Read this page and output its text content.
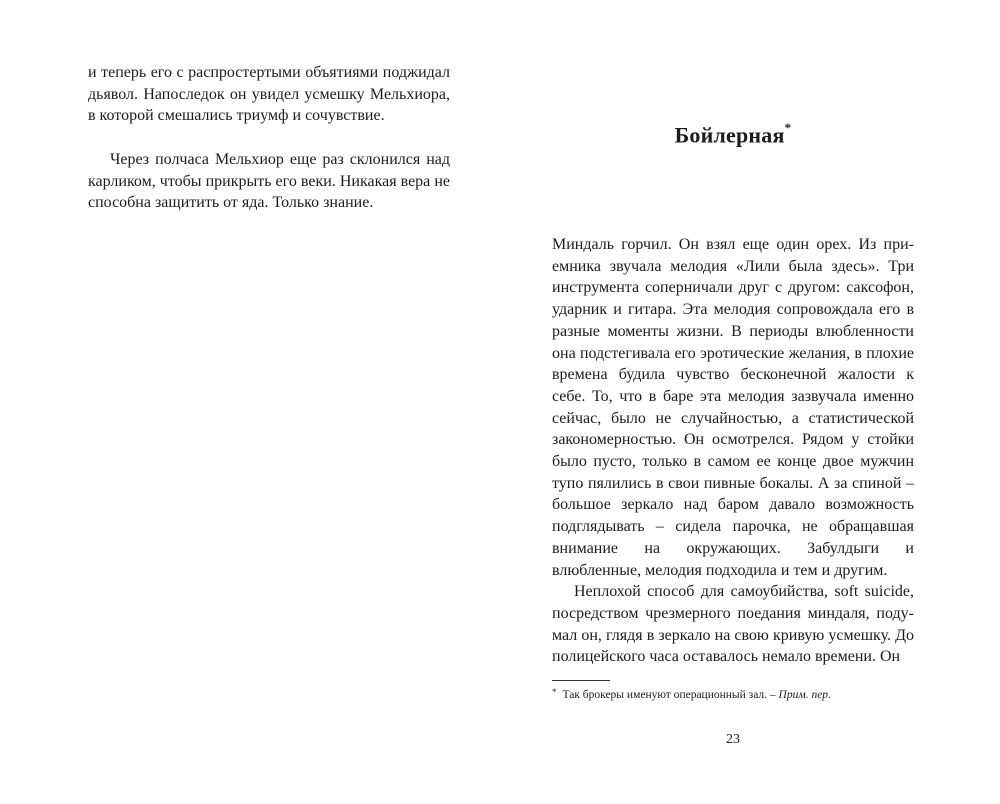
и теперь его с распростертыми объятиями поджидал дьявол. Напоследок он увидел усмешку Мельхиора, в которой смешались триумф и сочувствие.

Через полчаса Мельхиор еще раз склонился над карликом, чтобы прикрыть его веки. Никакая вера не способна защитить от яда. Только знание.

Бойлерная*

Миндаль горчил. Он взял еще один орех. Из приемника звучала мелодия «Лили была здесь». Три инструмента соперничали друг с другом: саксофон, ударник и гитара. Эта мелодия сопровождала его в разные моменты жизни. В периоды влюбленности она подстегивала его эротические желания, в плохие времена будила чувство бесконечной жалости к себе. То, что в баре эта мелодия зазвучала именно сейчас, было не случайностью, а статистической закономерностью. Он осмотрелся. Рядом у стойки было пусто, только в самом ее конце двое мужчин тупо пялились в свои пивные бокалы. А за спиной – большое зеркало над баром давало возможность подглядывать – сидела парочка, не обращавшая внимание на окружающих. Забулдыги и влюбленные, мелодия подходила и тем и другим.

Неплохой способ для самоубийства, soft suicide, посредством чрезмерного поедания миндаля, подумал он, глядя в зеркало на свою кривую усмешку. До полицейского часа оставалось немало времени. Он

* Так брокеры именуют операционный зал. – Прим. пер.

23
